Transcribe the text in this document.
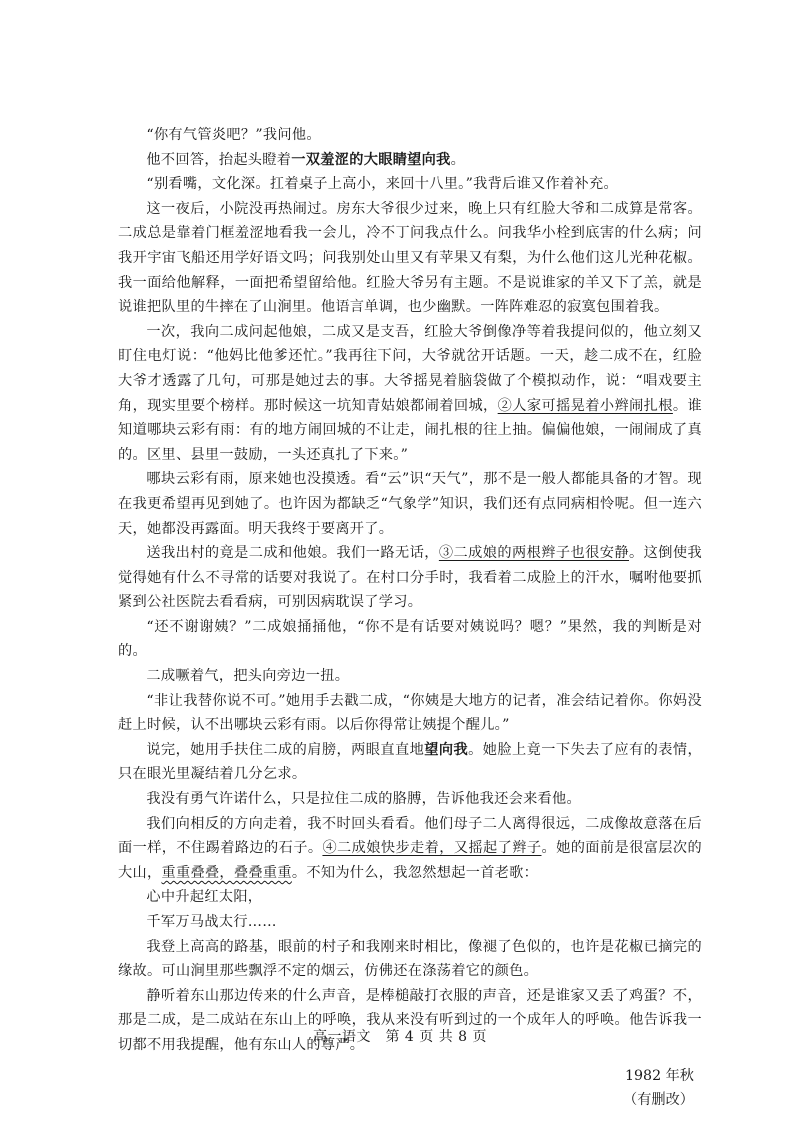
“你有气管炎吧？”我问他。

他不回答，抬起头瞪着一双羞涩的大眼睛望向我。

“别看嘴，文化深。扛着桌子上高小，来回十八里。”我背后谁又作着补充。

这一夜后，小院没再热闹过。房东大爷很少过来，晚上只有红脸大爷和二成算是常客。二成总是靠着门框羞涩地看我一会儿，冷不丁问我点什么。问我华小栓到底害的什么病；问我开宇宙飞船还用学好语文吗；问我别处山里又有苹果又有梨，为什么他们这儿光种花椒。我一面给他解释，一面把希望留给他。红脸大爷另有主题。不是说谁家的羊又下了羔，就是说谁把队里的牛摔在了山涧里。他语言单调，也少幽默。一阵阵难忍的寂寞包围着我。

一次，我向二成问起他娘，二成又是支吾，红脸大爷倒像净等着我提问似的，他立刻又盯住电灯说：“他妈比他爹还忙。”我再往下问，大爷就岔开话题。一天，趁二成不在，红脸大爷才透露了几句，可那是她过去的事。大爷摇晃着脑袋做了个模拟动作，说：“唱戏要主角，现实里要个榜样。那时候这一坑知青姑娘都闹着回城，②人家可摇晃着小辫闹扎根。谁知道哪块云彩有雨：有的地方闹回城的不让走，闹扎根的往上抽。偏偏他娘，一闹闹成了真的。区里、县里一鼓励，一头还真扎了下来。”

哪块云彩有雨，原来她也没摸透。看“云”识“天气”，那不是一般人都能具备的才智。现在我更希望再见到她了。也许因为都缺乏“气象学”知识，我们还有点同病相怜呢。但一连六天，她都没再露面。明天我终于要离开了。

送我出村的竟是二成和他娘。我们一路无话，③二成娘的两根辫子也很安静。这倒使我觉得她有什么不寻常的话要对我说了。在村口分手时，我看着二成脸上的汗水，嘱咐他要抓紧到公社医院去看看病，可别因病耽误了学习。

“还不谢谢姨？”二成娘捅捅他，“你不是有话要对姨说吗？嗯？”果然，我的判断是对的。

二成噘着气，把头向旁边一扭。

“非让我替你说不可。”她用手去戳二成，“你姨是大地方的记者，准会结记着你。你妈没赶上时候，认不出哪块云彩有雨。以后你得常让姨提个醒儿。”

说完，她用手扶住二成的肩膀，两眼直直地望向我。她脸上竟一下失去了应有的表情，只在眼光里凝结着几分乞求。

我没有勇气许诺什么，只是拉住二成的胳膊，告诉他我还会来看他。

我们向相反的方向走着，我不时回头看看。他们母子二人离得很远，二成像故意落在后面一样，不住踢着路边的石子。④二成娘快步走着，又摇起了辫子。她的面前是很富层次的大山，重重叠叠，叠叠重重。不知为什么，我忽然想起一首老歌：

心中升起红太阳，

千军万马战太行……

我登上高高的路基，眼前的村子和我刚来时相比，像褪了色似的，也许是花椒已摘完的缘故。可山涧里那些飘浮不定的烟云，仿佛还在涤荡着它的颜色。

静听着东山那边传来的什么声音，是棒槌敲打衣服的声音，还是谁家又丢了鸡蛋？不，那是二成，是二成站在东山上的呼唤，我从来没有听到过的一个成年人的呼唤。他告诉我一切都不用我提醒，他有东山人的尊严。

1982 年秋
（有删改）
高一语文　第 4 页 共 8 页
